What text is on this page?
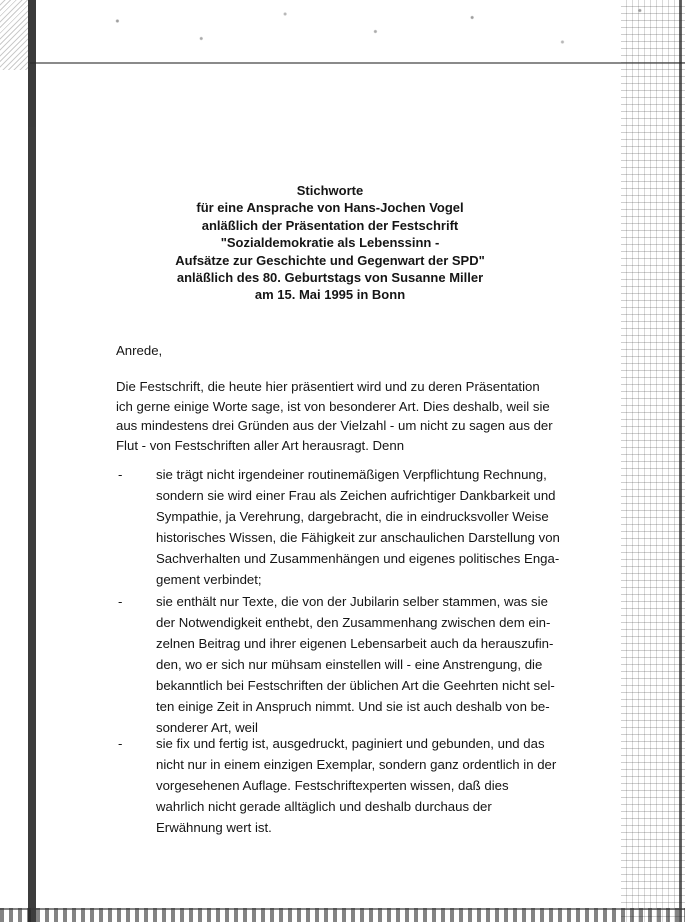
Stichworte
für eine Ansprache von Hans-Jochen Vogel
anläßlich der Präsentation der Festschrift
"Sozialdemokratie als Lebenssinn -
Aufsätze zur Geschichte und Gegenwart der SPD"
anläßlich des 80. Geburtstags von Susanne Miller
am 15. Mai 1995 in Bonn
Anrede,
Die Festschrift, die heute hier präsentiert wird und zu deren Präsentation
ich gerne einige Worte sage, ist von besonderer Art. Dies deshalb, weil sie
aus mindestens drei Gründen aus der Vielzahl - um nicht zu sagen aus der
Flut - von Festschriften aller Art herausragt. Denn
-	sie trägt nicht irgendeiner routinemäßigen Verpflichtung Rechnung,
sondern sie wird einer Frau als Zeichen aufrichtiger Dankbarkeit und
Sympathie, ja Verehrung, dargebracht, die in eindrucksvoller Weise
historisches Wissen, die Fähigkeit zur anschaulichen Darstellung von
Sachverhalten und Zusammenhängen und eigenes politisches Enga-
gement verbindet;
-	sie enthält nur Texte, die von der Jubilarin selber stammen, was sie
der Notwendigkeit enthebt, den Zusammenhang zwischen dem ein-
zelnen Beitrag und ihrer eigenen Lebensarbeit auch da herauszufin-
den, wo er sich nur mühsam einstellen will - eine Anstrengung, die
bekanntlich bei Festschriften der üblichen Art die Geehrten nicht sel-
ten einige Zeit in Anspruch nimmt. Und sie ist auch deshalb von be-
sonderer Art, weil
-	sie fix und fertig ist, ausgedruckt, paginiert und gebunden, und das
nicht nur in einem einzigen Exemplar, sondern ganz ordentlich in der
vorgesehenen Auflage. Festschriftexperten wissen, daß dies
wahrlich nicht gerade alltäglich und deshalb durchaus der
Erwähnung wert ist.
